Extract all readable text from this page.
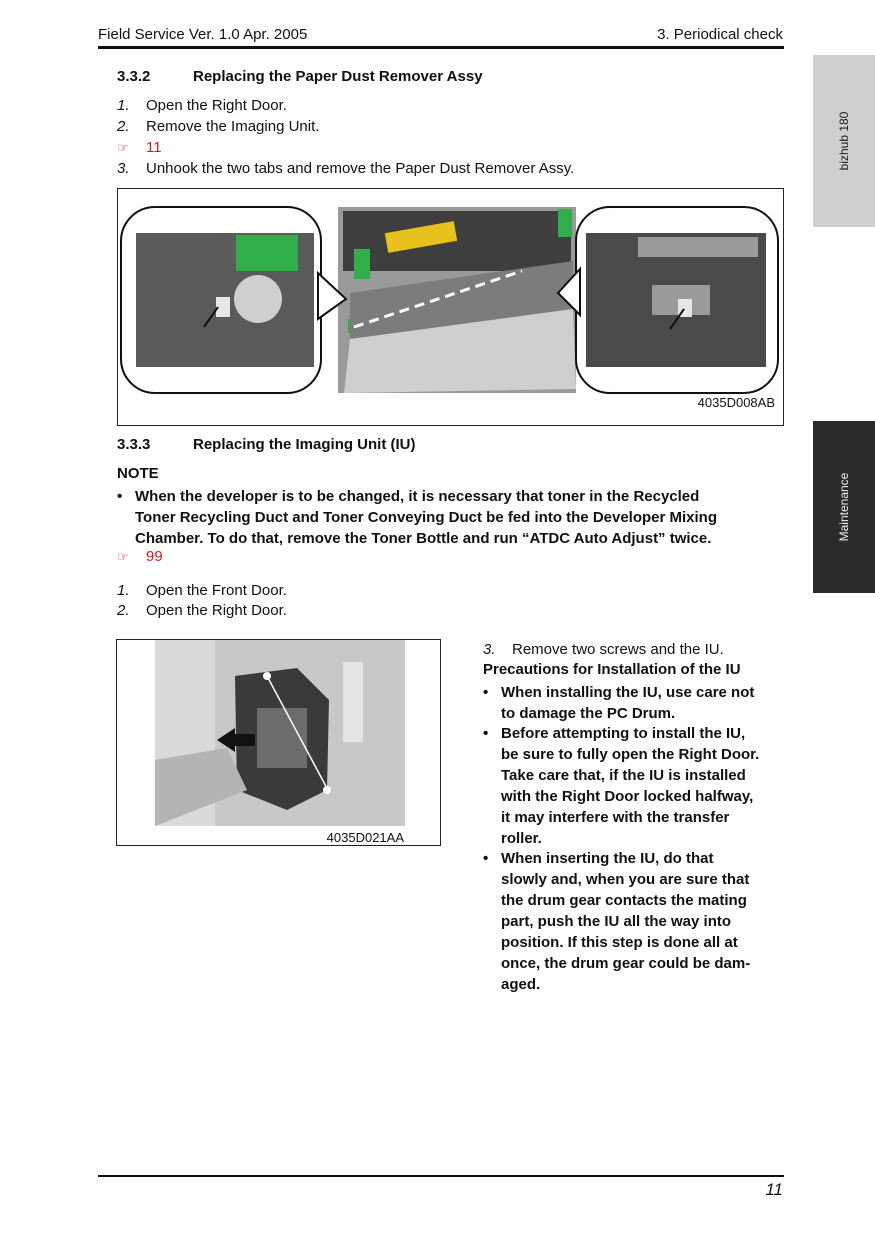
Field Service Ver. 1.0 Apr. 2005	3. Periodical check
bizhub 180
Maintenance
3.3.2	Replacing the Paper Dust Remover Assy
1. Open the Right Door.
2. Remove the Imaging Unit.
☞ 11
3. Unhook the two tabs and remove the Paper Dust Remover Assy.
4035D008AB
3.3.3	Replacing the Imaging Unit (IU)
NOTE
• When the developer is to be changed, it is necessary that toner in the Recycled
Toner Recycling Duct and Toner Conveying Duct be fed into the Developer Mixing
Chamber. To do that, remove the Toner Bottle and run “ATDC Auto Adjust” twice.
☞ 99
1. Open the Front Door.
2. Open the Right Door.
4035D021AA
3. Remove two screws and the IU.
Precautions for Installation of the IU
• When installing the IU, use care not
to damage the PC Drum.
• Before attempting to install the IU,
be sure to fully open the Right Door.
Take care that, if the IU is installed
with the Right Door locked halfway,
it may interfere with the transfer
roller.
• When inserting the IU, do that
slowly and, when you are sure that
the drum gear contacts the mating
part, push the IU all the way into
position. If this step is done all at
once, the drum gear could be dam-
aged.
11
